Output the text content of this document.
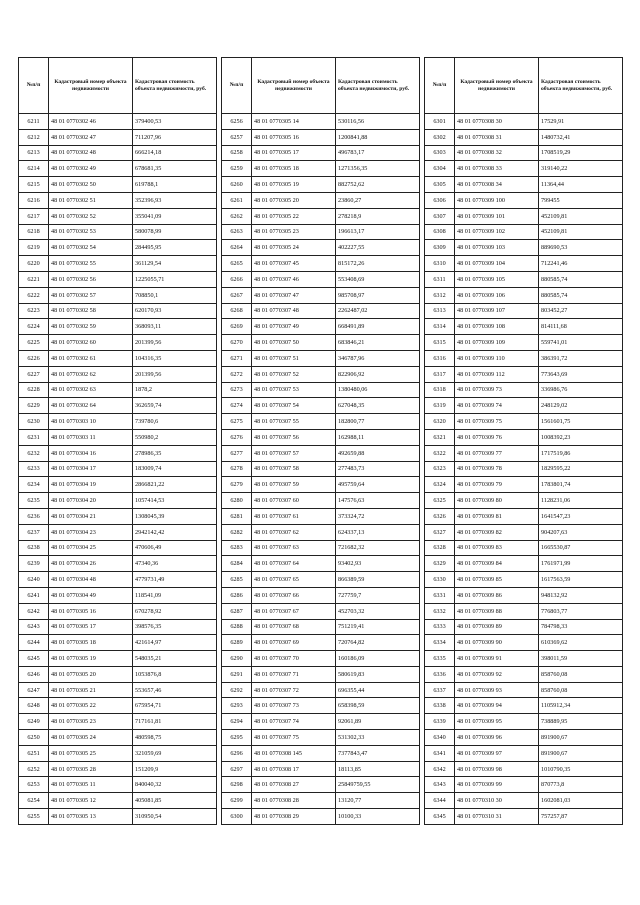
№п/п	Кадастровый номер объекта недвижимости	Кадастровая стоимость объекта недвижимости, руб.
6211	48 01 0770302 46	379400,53
6212	48 01 0770302 47	711207,96
6213	48 01 0770302 48	666214,18
6214	48 01 0770302 49	678681,35
6215	48 01 0770302 50	619788,1
6216	48 01 0770302 51	352396,93
6217	48 01 0770302 52	355041,09
6218	48 01 0770302 53	580078,99
6219	48 01 0770302 54	284495,95
6220	48 01 0770302 55	361129,54
6221	48 01 0770302 56	1225055,71
6222	48 01 0770302 57	708850,1
6223	48 01 0770302 58	620170,93
6224	48 01 0770302 59	368093,11
6225	48 01 0770302 60	201399,56
6226	48 01 0770302 61	104316,35
6227	48 01 0770302 62	201399,56
6228	48 01 0770302 63	1878,2
6229	48 01 0770302 64	362659,74
6230	48 01 0770303 10	739780,6
6231	48 01 0770303 11	550980,2
6232	48 01 0770304 16	278986,35
6233	48 01 0770304 17	183009,74
6234	48 01 0770304 19	2866821,22
6235	48 01 0770304 20	1057414,53
6236	48 01 0770304 21	1308045,39
6237	48 01 0770304 23	2942142,42
6238	48 01 0770304 25	470606,49
6239	48 01 0770304 26	47340,36
6240	48 01 0770304 48	4779731,49
6241	48 01 0770304 49	118541,09
6242	48 01 0770305 16	670278,92
6243	48 01 0770305 17	398576,35
6244	48 01 0770305 18	421614,97
6245	48 01 0770305 19	548035,21
6246	48 01 0770305 20	1053876,8
6247	48 01 0770305 21	553657,46
6248	48 01 0770305 22	675954,71
6249	48 01 0770305 23	717161,81
6250	48 01 0770305 24	480598,75
6251	48 01 0770305 25	321059,69
6252	48 01 0770305 28	151209,9
6253	48 01 0770305 11	840040,32
6254	48 01 0770305 12	405081,85
6255	48 01 0770305 13	310950,54
№п/п	Кадастровый номер объекта недвижимости	Кадастровая стоимость объекта недвижимости, руб.
6256	48 01 0770305 14	530116,56
6257	48 01 0770305 16	1200841,88
6258	48 01 0770305 17	496783,17
6259	48 01 0770305 18	1271356,35
6260	48 01 0770305 19	882752,62
6261	48 01 0770305 20	23860,27
6262	48 01 0770305 22	278218,9
6263	48 01 0770305 23	196613,17
6264	48 01 0770305 24	402227,55
6265	48 01 0770307 45	815172,26
6266	48 01 0770307 46	553408,69
6267	48 01 0770307 47	985708,97
6268	48 01 0770307 48	2262487,02
6269	48 01 0770307 49	668491,89
6270	48 01 0770307 50	683846,21
6271	48 01 0770307 51	346787,96
6272	48 01 0770307 52	822906,92
6273	48 01 0770307 53	1380480,06
6274	48 01 0770307 54	627048,35
6275	48 01 0770307 55	182800,77
6276	48 01 0770307 56	162988,11
6277	48 01 0770307 57	492659,88
6278	48 01 0770307 58	277483,73
6279	48 01 0770307 59	495759,64
6280	48 01 0770307 60	147576,63
6281	48 01 0770307 61	373324,72
6282	48 01 0770307 62	624337,13
6283	48 01 0770307 63	721682,32
6284	48 01 0770307 64	93402,93
6285	48 01 0770307 65	866389,59
6286	48 01 0770307 66	727759,7
6287	48 01 0770307 67	452703,32
6288	48 01 0770307 68	751219,41
6289	48 01 0770307 69	720764,82
6290	48 01 0770307 70	160186,09
6291	48 01 0770307 71	580619,83
6292	48 01 0770307 72	696355,44
6293	48 01 0770307 73	658398,59
6294	48 01 0770307 74	92061,89
6295	48 01 0770307 75	531302,33
6296	48 01 0770308 145	7377843,47
6297	48 01 0770308 17	18113,85
6298	48 01 0770308 27	25849759,55
6299	48 01 0770308 28	13120,77
6300	48 01 0770308 29	10100,33
№п/п	Кадастровый номер объекта недвижимости	Кадастровая стоимость объекта недвижимости, руб.
6301	48 01 0770308 30	17529,91
6302	48 01 0770308 31	1480732,41
6303	48 01 0770308 32	1708519,29
6304	48 01 0770308 33	319140,22
6305	48 01 0770308 34	11364,44
6306	48 01 0770309 100	799455
6307	48 01 0770309 101	452109,81
6308	48 01 0770309 102	452109,81
6309	48 01 0770309 103	889690,53
6310	48 01 0770309 104	712241,46
6311	48 01 0770309 105	880585,74
6312	48 01 0770309 106	880585,74
6313	48 01 0770309 107	803452,27
6314	48 01 0770309 108	814111,68
6315	48 01 0770309 109	559741,01
6316	48 01 0770309 110	386391,72
6317	48 01 0770309 112	773643,69
6318	48 01 0770309 73	336986,76
6319	48 01 0770309 74	248129,02
6320	48 01 0770309 75	1561601,75
6321	48 01 0770309 76	1008392,23
6322	48 01 0770309 77	1717519,86
6323	48 01 0770309 78	1829595,22
6324	48 01 0770309 79	1783801,74
6325	48 01 0770309 80	1128231,06
6326	48 01 0770309 81	1641547,23
6327	48 01 0770309 82	904207,63
6328	48 01 0770309 83	1665530,87
6329	48 01 0770309 84	1761971,99
6330	48 01 0770309 85	1617563,59
6331	48 01 0770309 86	948132,92
6332	48 01 0770309 88	776803,77
6333	48 01 0770309 89	784798,33
6334	48 01 0770309 90	610369,62
6335	48 01 0770309 91	398011,59
6336	48 01 0770309 92	858760,08
6337	48 01 0770309 93	858760,08
6338	48 01 0770309 94	1105912,34
6339	48 01 0770309 95	738889,95
6340	48 01 0770309 96	891900,67
6341	48 01 0770309 97	891900,67
6342	48 01 0770309 98	1010790,35
6343	48 01 0770309 99	870773,8
6344	48 01 0770310 30	1602081,03
6345	48 01 0770310 31	757257,87
